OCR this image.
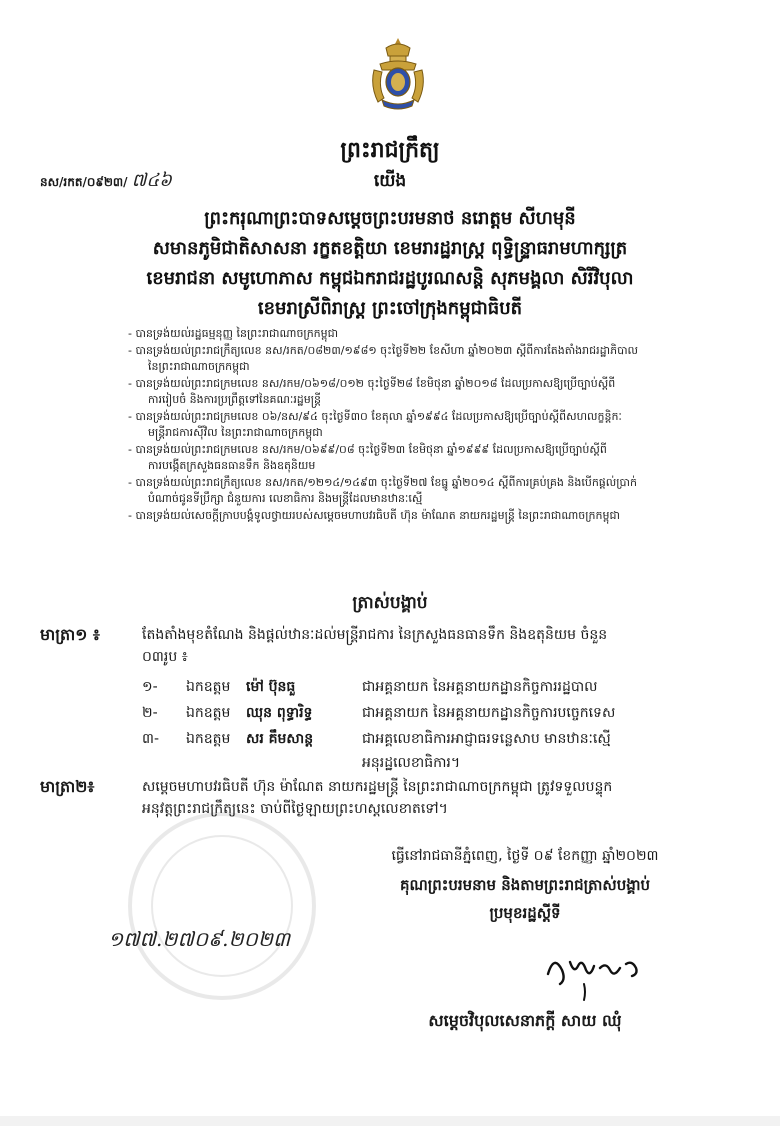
ព្រះរាជក្រឹត្យ
នស/រកត/០៩២៣/ ៧៤៦	យើង
ព្រះករុណាព្រះបាទសម្តេចព្រះបរមនាថ នរោត្តម សីហមុនី
សមានភូមិជាតិសាសនា រក្ខតខត្តិយា ខេមរារដ្ឋរាស្ត្រ ពុទ្ធិន្ទ្រាធរាមហាក្សត្រ
ខេមរាជនា សមូហោភាស កម្ពុជឯករាជរដ្ឋបូរណសន្តិ សុភមង្គលា សិរីវិបុលា
ខេមរាស្រីពិរាស្ត្រ ព្រះចៅក្រុងកម្ពុជាធិបតី

- បានទ្រង់យល់រដ្ឋធម្មនុញ្ញ នៃព្រះរាជាណាចក្រកម្ពុជា

- បានទ្រង់យល់ព្រះរាជក្រឹត្យលេខ នស/រកត/០៨២៣/១៩៨១ ចុះថ្ងៃទី២២ ខែសីហា ឆ្នាំ២០២៣ ស្តីពីការតែងតាំងរាជរដ្ឋាភិបាល
នៃព្រះរាជាណាចក្រកម្ពុជា

- បានទ្រង់យល់ព្រះរាជក្រមលេខ នស/រកម/០៦១៨/០១២ ចុះថ្ងៃទី២៨ ខែមិថុនា ឆ្នាំ២០១៨ ដែលប្រកាសឱ្យប្រើច្បាប់ស្តីពី
ការរៀបចំ និងការប្រព្រឹត្តទៅនៃគណៈរដ្ឋមន្ត្រី

- បានទ្រង់យល់ព្រះរាជក្រមលេខ ០៦/នស/៩៤ ចុះថ្ងៃទី៣០ ខែតុលា ឆ្នាំ១៩៩៤ ដែលប្រកាសឱ្យប្រើច្បាប់ស្តីពីសហលក្ខន្តិកៈ
មន្ត្រីរាជការស៊ីវិល នៃព្រះរាជាណាចក្រកម្ពុជា

- បានទ្រង់យល់ព្រះរាជក្រមលេខ នស/រកម/០៦៩៩/០៨ ចុះថ្ងៃទី២៣ ខែមិថុនា ឆ្នាំ១៩៩៩ ដែលប្រកាសឱ្យប្រើច្បាប់ស្តីពី
ការបង្កើតក្រសួងធនធានទឹក និងឧតុនិយម

- បានទ្រង់យល់ព្រះរាជក្រឹត្យលេខ នស/រកត/១២១៤/១៤៩៣ ចុះថ្ងៃទី២៧ ខែធ្នូ ឆ្នាំ២០១៤ ស្តីពីការគ្រប់គ្រង និងបើកផ្តល់ប្រាក់
បំណាច់ជូនទីប្រឹក្សា ជំនួយការ លេខាធិការ និងមន្ត្រីដែលមានឋានៈស្មើ

- បានទ្រង់យល់សេចក្តីក្រាបបង្គំទូលថ្វាយរបស់សម្តេចមហាបវរធិបតី ហ៊ុន ម៉ាណែត នាយករដ្ឋមន្ត្រី នៃព្រះរាជាណាចក្រកម្ពុជា

ត្រាស់បង្គាប់
មាត្រា១ ៖	តែងតាំងមុខតំណែង និងផ្តល់ឋានៈដល់មន្ត្រីរាជការ នៃក្រសួងធនធានទឹក និងឧតុនិយម ចំនួន
០៣រូប ៖
១- ឯកឧត្តម ម៉ៅ ប៊ុនធួ	ជាអគ្គនាយក នៃអគ្គនាយកដ្ឋានកិច្ចការរដ្ឋបាល
២- ឯកឧត្តម ឈុន ពុទ្ធារិទ្ធ	ជាអគ្គនាយក នៃអគ្គនាយកដ្ឋានកិច្ចការបច្ចេកទេស
៣- ឯកឧត្តម សរ គឹមសាន្ត	ជាអគ្គលេខាធិការអាជ្ញាធរទន្លេសាប មានឋានៈស្មើ
អនុរដ្ឋលេខាធិការ។
មាត្រា២៖	សម្តេចមហាបវរធិបតី ហ៊ុន ម៉ាណែត នាយករដ្ឋមន្ត្រី នៃព្រះរាជាណាចក្រកម្ពុជា ត្រូវទទួលបន្ទុក
អនុវត្តព្រះរាជក្រឹត្យនេះ ចាប់ពីថ្ងៃឡាយព្រះហស្តលេខាតទៅ។
ធ្វើនៅរាជធានីភ្នំពេញ, ថ្ងៃទី ០៩ ខែកញ្ញា ឆ្នាំ២០២៣
គុណព្រះបរមនាម និងតាមព្រះរាជត្រាស់បង្គាប់
ប្រមុខរដ្ឋស្តីទី
១៧៧.២៧០៩.២០២៣
សម្តេចវិបុលសេនាភក្តី សាយ ឈុំ
